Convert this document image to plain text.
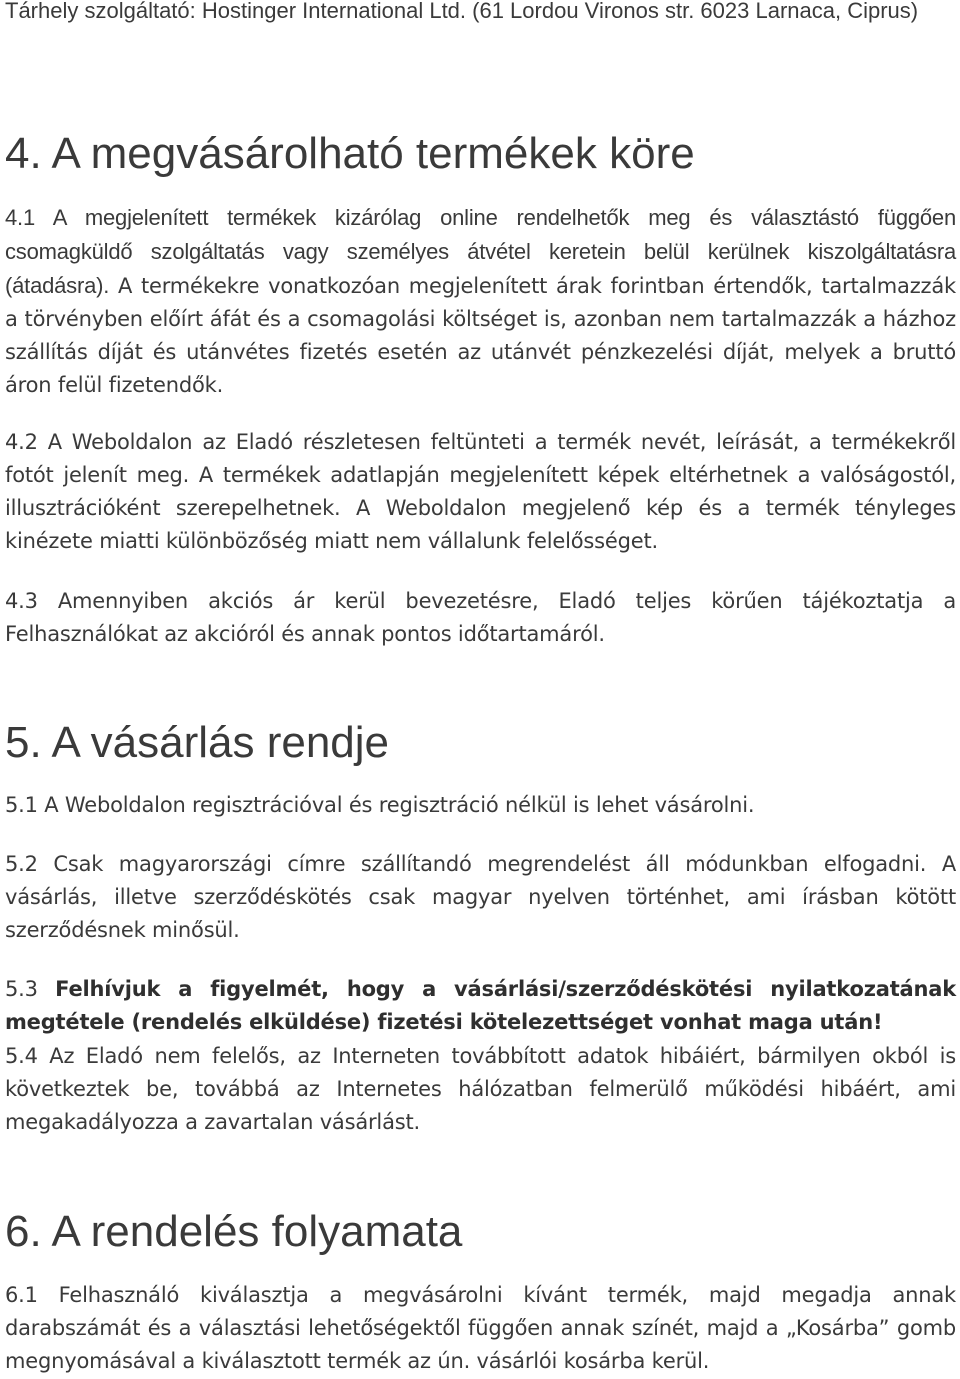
Tárhely szolgáltató: Hostinger International Ltd. (61 Lordou Vironos str. 6023 Larnaca, Ciprus)

4. A megvásárolható termékek köre

4.1 A megjelenített termékek kizárólag online rendelhetők meg és választástó függően csomagküldő szolgáltatás vagy személyes átvétel keretein belül kerülnek kiszolgáltatásra (átadásra). A termékekre vonatkozóan megjelenített árak forintban értendők, tartalmazzák a törvényben előírt áfát és a csomagolási költséget is, azonban nem tartalmazzák a házhoz szállítás díját és utánvétes fizetés esetén az utánvét pénzkezelési díját, melyek a bruttó áron felül fizetendők.

4.2 A Weboldalon az Eladó részletesen feltünteti a termék nevét, leírását, a termékekről fotót jelenít meg. A termékek adatlapján megjelenített képek eltérhetnek a valóságostól, illusztrációként szerepelhetnek. A Weboldalon megjelenő kép és a termék tényleges kinézete miatti különbözőség miatt nem vállalunk felelősséget.

4.3 Amennyiben akciós ár kerül bevezetésre, Eladó teljes körűen tájékoztatja a Felhasználókat az akcióról és annak pontos időtartamáról.

5. A vásárlás rendje

5.1 A Weboldalon regisztrációval és regisztráció nélkül is lehet vásárolni.

5.2 Csak magyarországi címre szállítandó megrendelést áll módunkban elfogadni. A vásárlás, illetve szerződéskötés csak magyar nyelven történhet, ami írásban kötött szerződésnek minősül.

5.3 Felhívjuk a figyelmét, hogy a vásárlási/szerződéskötési nyilatkozatának megtétele (rendelés elküldése) fizetési kötelezettséget vonhat maga után!

5.4 Az Eladó nem felelős, az Interneten továbbított adatok hibáiért, bármilyen okból is következtek be, továbbá az Internetes hálózatban felmerülő működési hibáért, ami megakadályozza a zavartalan vásárlást.

6. A rendelés folyamata

6.1 Felhasználó kiválasztja a megvásárolni kívánt termék, majd megadja annak darabszámát és a választási lehetőségektől függően annak színét, majd a „Kosárba” gomb megnyomásával a kiválasztott termék az ún. vásárlói kosárba kerül.
